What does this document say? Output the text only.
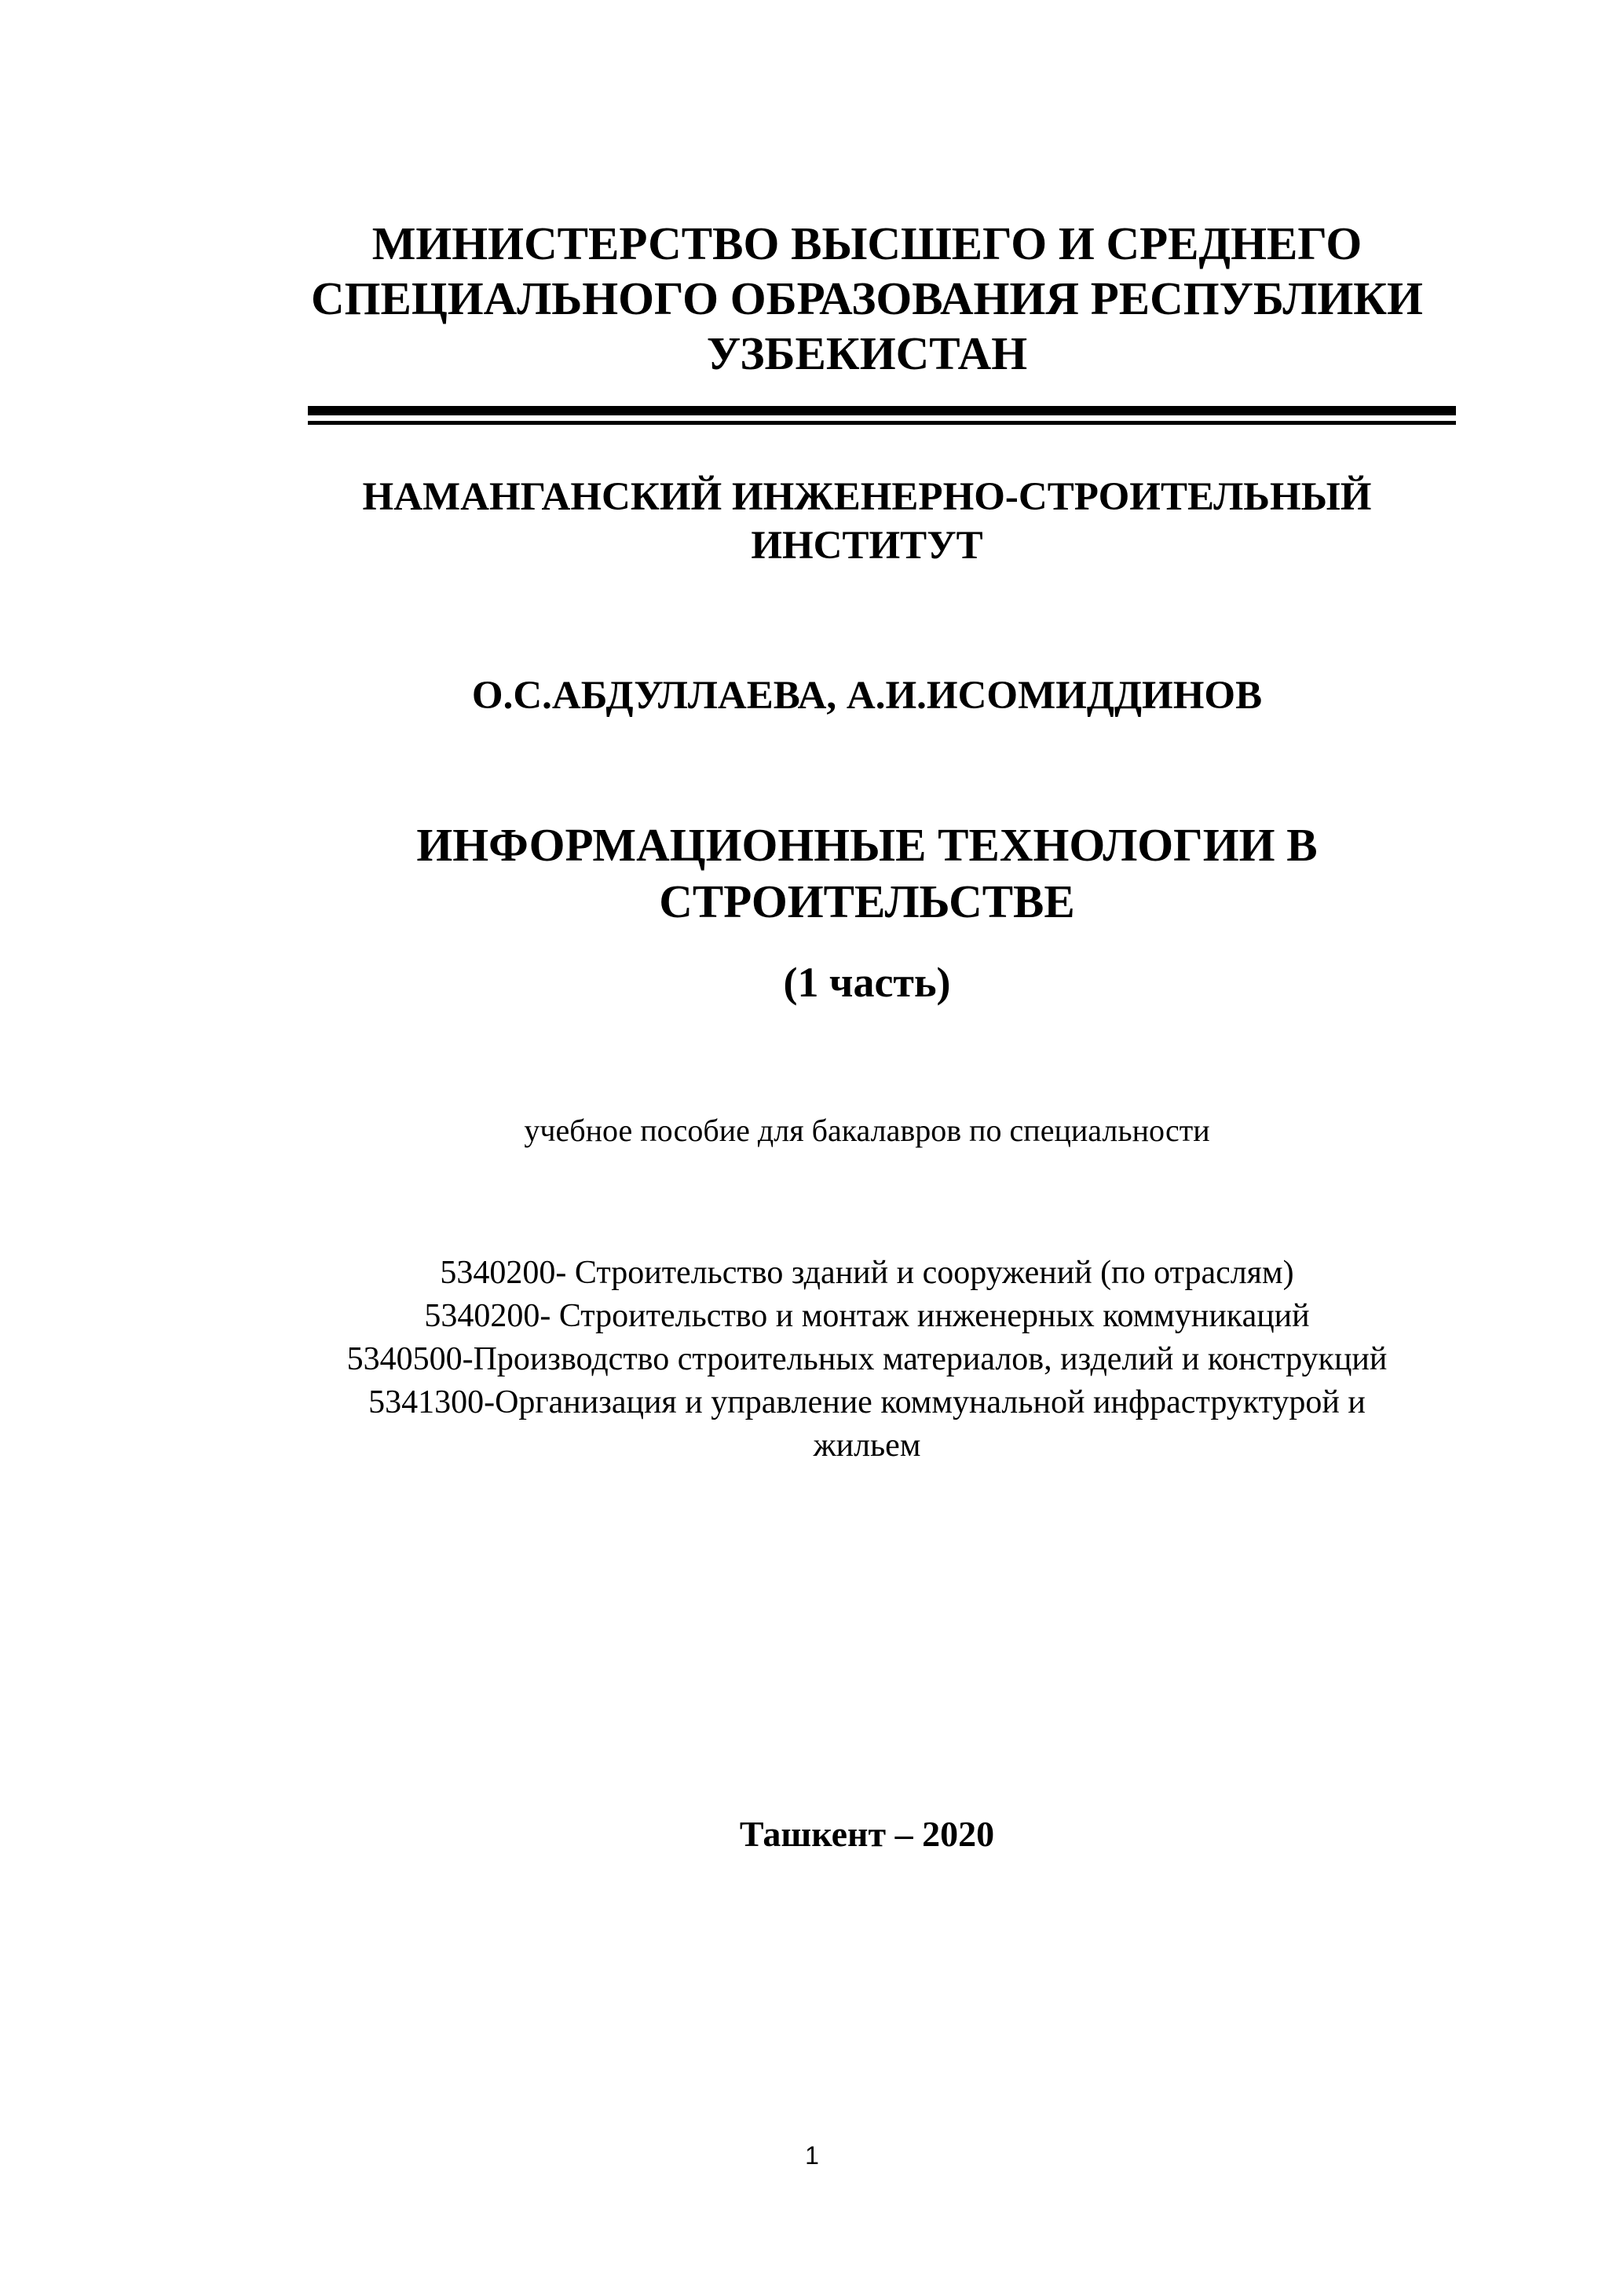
МИНИСТЕРСТВО ВЫСШЕГО И СРЕДНЕГО
СПЕЦИАЛЬНОГО ОБРАЗОВАНИЯ РЕСПУБЛИКИ
УЗБЕКИСТАН
НАМАНГАНСКИЙ ИНЖЕНЕРНО-СТРОИТЕЛЬНЫЙ
ИНСТИТУТ
О.С.АБДУЛЛАЕВА, А.И.ИСОМИДДИНОВ
ИНФОРМАЦИОННЫЕ ТЕХНОЛОГИИ В
СТРОИТЕЛЬСТВЕ
(1 часть)
учебное пособие для бакалавров по специальности
5340200- Строительство зданий и сооружений (по отраслям)
5340200- Строительство и монтаж инженерных коммуникаций
5340500-Производство строительных материалов, изделий и конструкций
5341300-Организация и управление коммунальной инфраструктурой и
жильем
Ташкент – 2020
1
